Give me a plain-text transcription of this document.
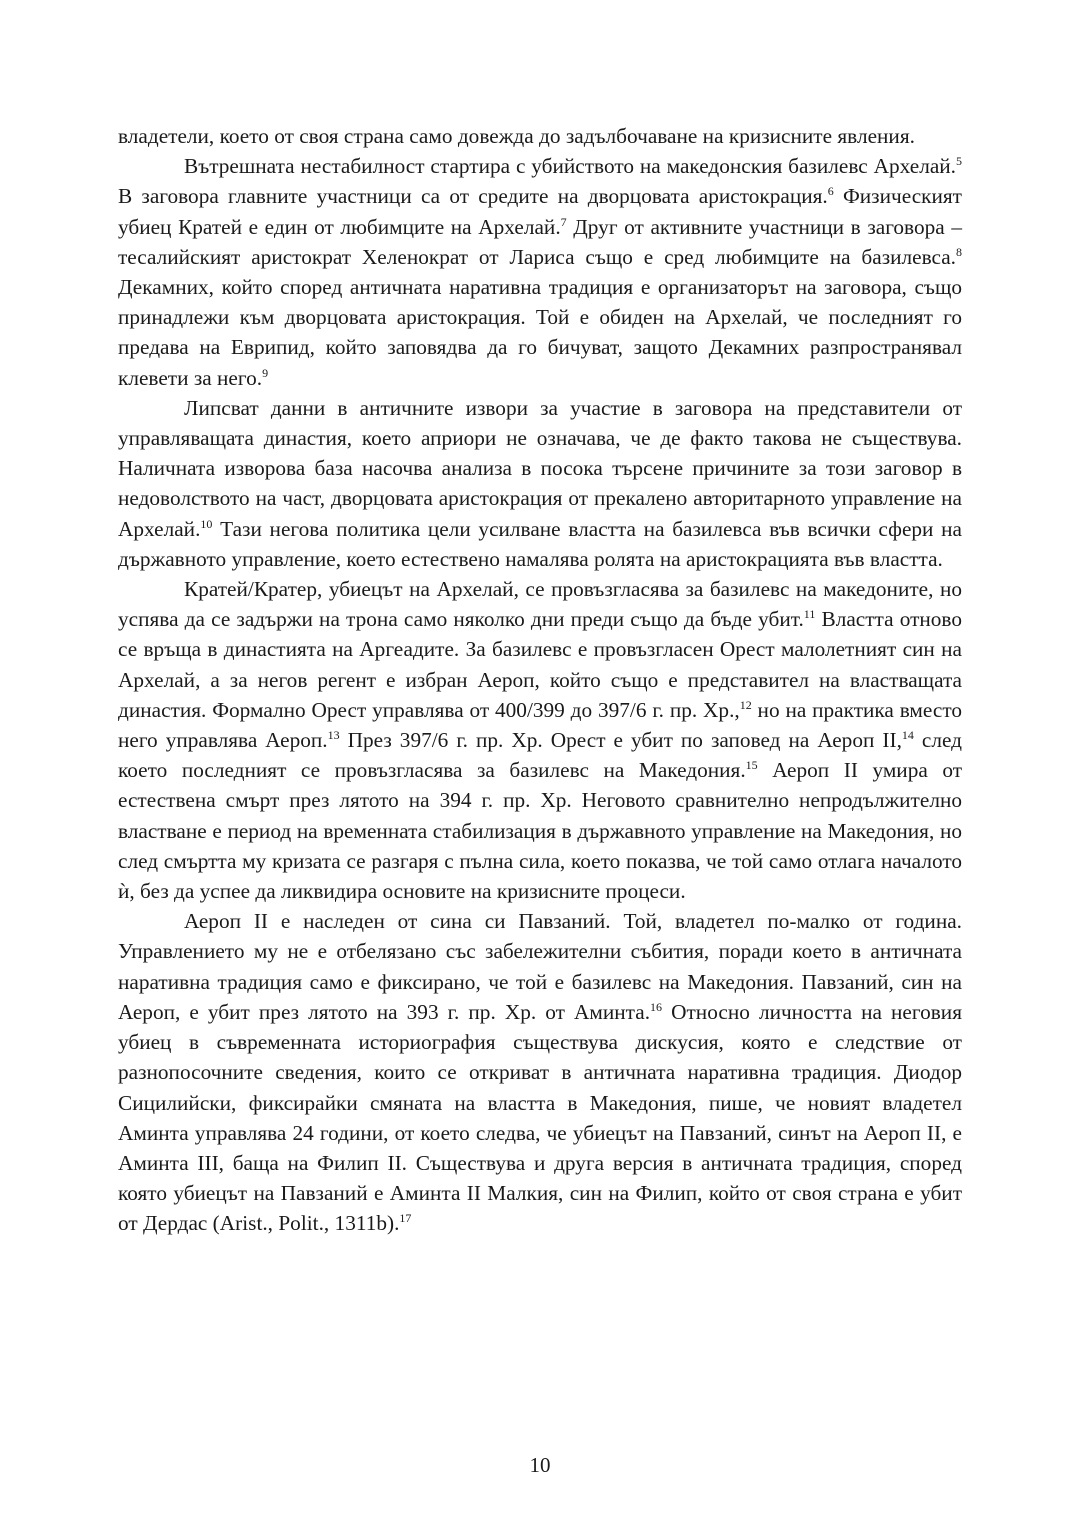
владетели, което от своя страна само довежда до задълбочаване на кризисните явления.

Вътрешната нестабилност стартира с убийството на македонския базилевс Архелай.$^5$ В заговора главните участници са от средите на дворцовата аристокрация.$^6$ Физическият убиец Кратей е един от любимците на Архелай.$^7$ Друг от активните участници в заговора – тесалийският аристократ Хеленократ от Лариса също е сред любимците на базилевса.$^8$ Декамних, който според античната наративна традиция е организаторът на заговора, също принадлежи към дворцовата аристокрация. Той е обиден на Архелай, че последният го предава на Еврипид, който заповядва да го бичуват, защото Декамних разпространявал клевети за него.$^9$

Липсват данни в античните извори за участие в заговора на представители от управляващата династия, което априори не означава, че де факто такова не съществува. Наличната изворова база насочва анализа в посока търсене причините за този заговор в недоволството на част, дворцовата аристокрация от прекалено авторитарното управление на Архелай.$^{10}$ Тази негова политика цели усилване властта на базилевса във всички сфери на държавното управление, което естествено намалява ролята на аристокрацията във властта.

Кратей/Кратер, убиецът на Архелай, се провъзгласява за базилевс на македоните, но успява да се задържи на трона само няколко дни преди също да бъде убит.$^{11}$ Властта отново се връща в династията на Аргеадите. За базилевс е провъзгласен Орест малолетният син на Архелай, а за негов регент е избран Аероп, който също е представител на властващата династия. Формално Орест управлява от 400/399 до 397/6 г. пр. Хр.,$^{12}$ но на практика вместо него управлява Аероп.$^{13}$ През 397/6 г. пр. Хр. Орест е убит по заповед на Аероп II,$^{14}$ след което последният се провъзгласява за базилевс на Македония.$^{15}$ Аероп II умира от естествена смърт през лятото на 394 г. пр. Хр. Неговото сравнително непродължително властване е период на временната стабилизация в държавното управление на Македония, но след смъртта му кризата се разгаря с пълна сила, което показва, че той само отлага началото ѝ, без да успее да ликвидира основите на кризисните процеси.

Аероп II е наследен от сина си Павзаний. Той, владетел по-малко от година. Управлението му не е отбелязано със забележителни събития, поради което в античната наративна традиция само е фиксирано, че той е базилевс на Македония. Павзаний, син на Аероп, е убит през лятото на 393 г. пр. Хр. от Аминта.$^{16}$ Относно личността на неговия убиец в съвременната историография съществува дискусия, която е следствие от разнопосочните сведения, които се откриват в античната наративна традиция. Диодор Сицилийски, фиксирайки смяната на властта в Македония, пише, че новият владетел Аминта управлява 24 години, от което следва, че убиецът на Павзаний, синът на Аероп II, е Аминта III, баща на Филип II. Съществува и друга версия в античната традиция, според която убиецът на Павзаний е Аминта II Малкия, син на Филип, който от своя страна е убит от Дердас (Arist., Polit., 1311b).$^{17}$

10
